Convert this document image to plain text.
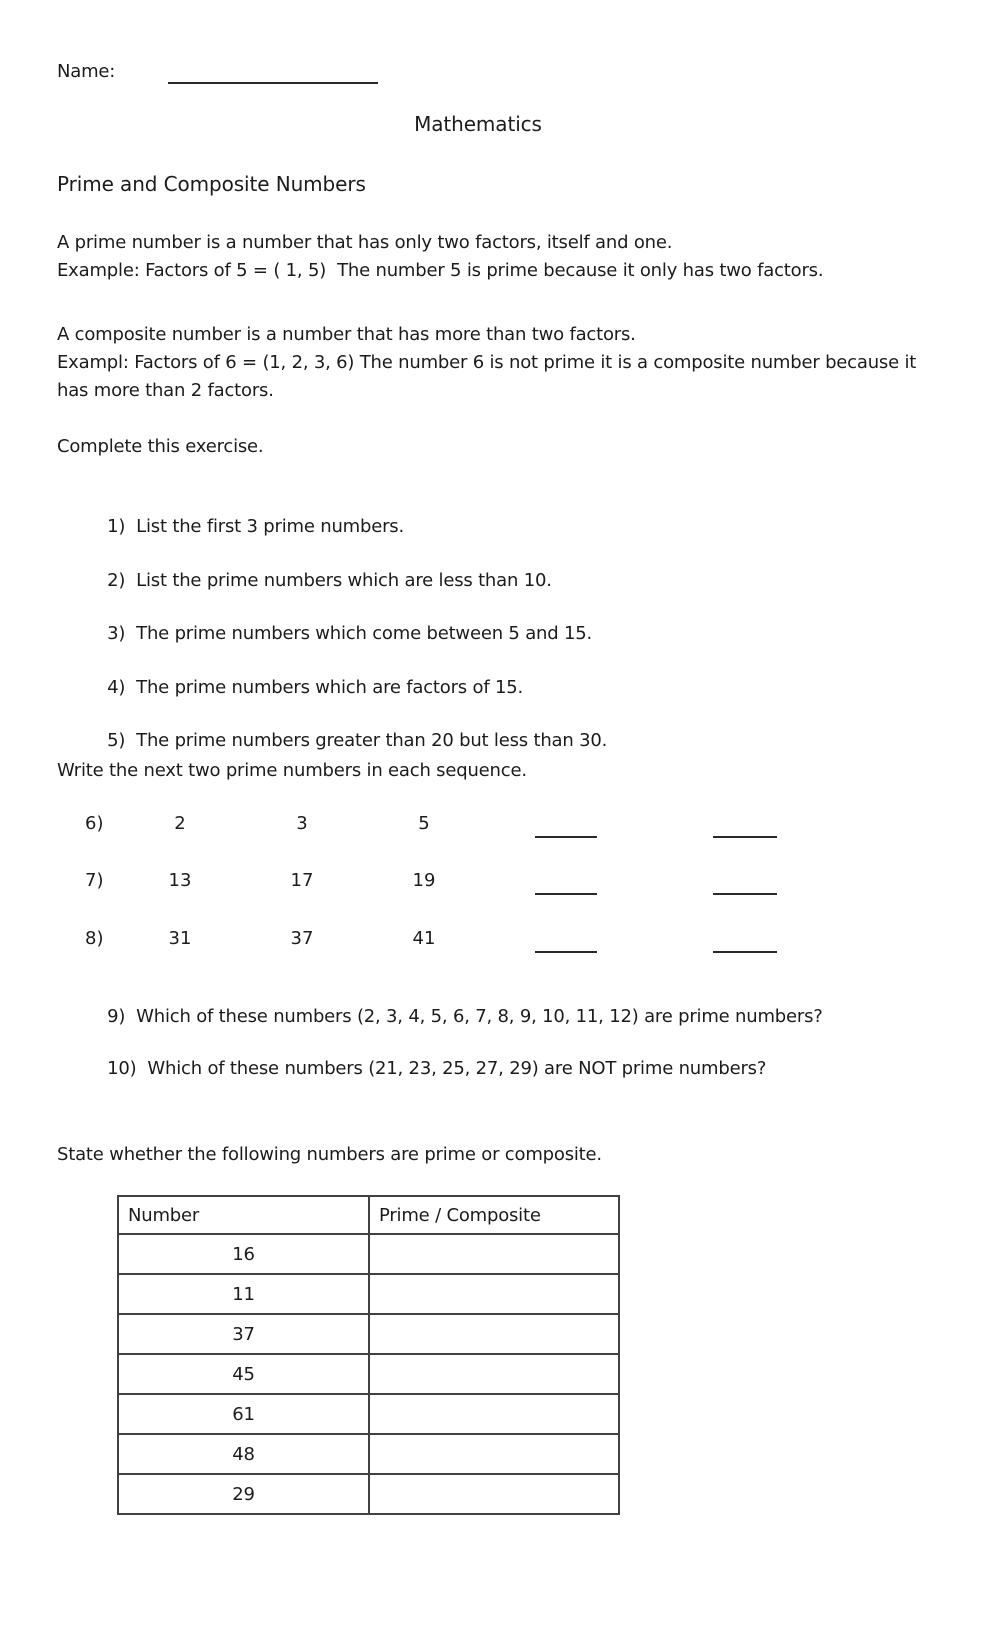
Name:
Mathematics
Prime and Composite Numbers
A prime number is a number that has only two factors, itself and one.
Example: Factors of 5 = ( 1, 5)  The number 5 is prime because it only has two factors.
A composite number is a number that has more than two factors.
Exampl: Factors of 6 = (1, 2, 3, 6) The number 6 is not prime it is a composite number because it
has more than 2 factors.
Complete this exercise.

1) List the first 3 prime numbers.

2) List the prime numbers which are less than 10.

3) The prime numbers which come between 5 and 15.

4) The prime numbers which are factors of 15.

5) The prime numbers greater than 20 but less than 30.

Write the next two prime numbers in each sequence.
6)	2	3	5
7)	13	17	19
8)	31	37	41

9) Which of these numbers (2, 3, 4, 5, 6, 7, 8, 9, 10, 11, 12) are prime numbers?

10) Which of these numbers (21, 23, 25, 27, 29) are NOT prime numbers?

State whether the following numbers are prime or composite.
Number	Prime / Composite
16	
11	
37	
45	
61	
48	
29	
